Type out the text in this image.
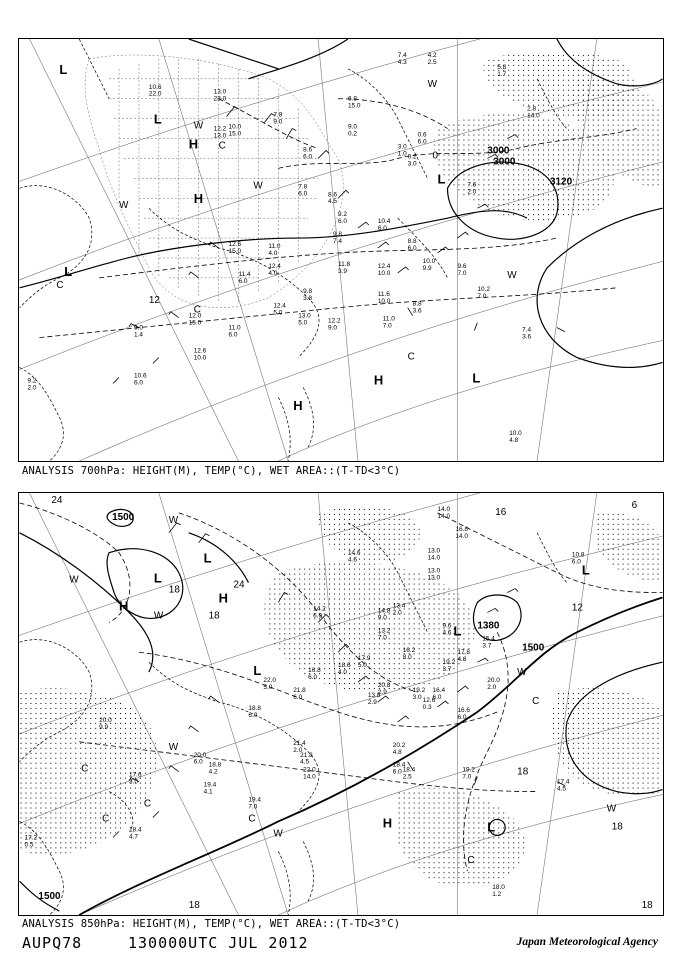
3000
3000
3120
12
0
L
L
L
L
L
H
H
H
H
W
W
W
W
W
C
C
C
C
10.6
22.0	13.0
23.0
10.0
15.0
7.8
9.0
12.2
13.0
12.6
15.0
11.0
4.0
12.4
4.0
11.4
6.0
11.0
6.0
12.0
15.0
12.6
10.0
9.0
1.4
10.6
6.0
9.2
2.0
8.8
6.0
10.0
9.9
11.8
3.9
12.4
10.0
11.6
10.0
9.8
3.8
8.8
3.6
9.6
7.0
11.0
7.0
10.2
7.0
7.4
3.6
10.0
4.8
7.4
4.3
4.2
2.5
2.8
14.0
5.8
1.7
6.8
15.0
9.0
0.2
8.6
6.0
7.8
6.0
9.2
6.0
9.8
7.4
10.4
6.0
8.6
4.5
0.6
6.0
0.2
3.0
3.0
1.0
7.6
2.0
12.4
5.0 13.0
5.0	12.2
9.0
ANALYSIS 700hPa: HEIGHT(M), TEMP(°C), WET AREA::(T-TD<3°C)
1500
1500
1500
1380
24
18
18
24
16
6
12
18
18
18	18
L
L
L
L
L
L
H
H
H
W
W
W
W
W
W
W
C
C
C
C
C
C
14.0
14.0
16.8
14.0
13.0
14.0
13.0
13.0
14.6
4.6
14.2
6.0
13.4
2.0
20.0
2.0
16.6
6.0
18.4
6.0
20.2
4.8
18.4
2.5
19.2
7.0
17.4
4.5
18.0
1.2
10.8
6.0
20.0
9.9
17.6
3.0
18.4
4.7
17.2
0.5
19.4
4.1
20.0
6.0 18.8
4.2
19.4
7.0
22.0
14.0
21.4
2.0
21.8
4.5
18.8
6.0
22.0
5.0	21.8
6.0
16.8
6.0
18.6
4.0
14.8
9.0
13.2
7.0
16.2
8.0
12.6
0.3
19.2
3.7
17.8
4.8
15.4
3.7
13.8
2.9
20.8
2.9	19.2
3.0
16.4
6.0
9.6
4.6
17.9
5.0
ANALYSIS 850hPa: HEIGHT(M), TEMP(°C), WET AREA::(T-TD<3°C)
AUPQ78	130000UTC JUL 2012	Japan Meteorological Agency
